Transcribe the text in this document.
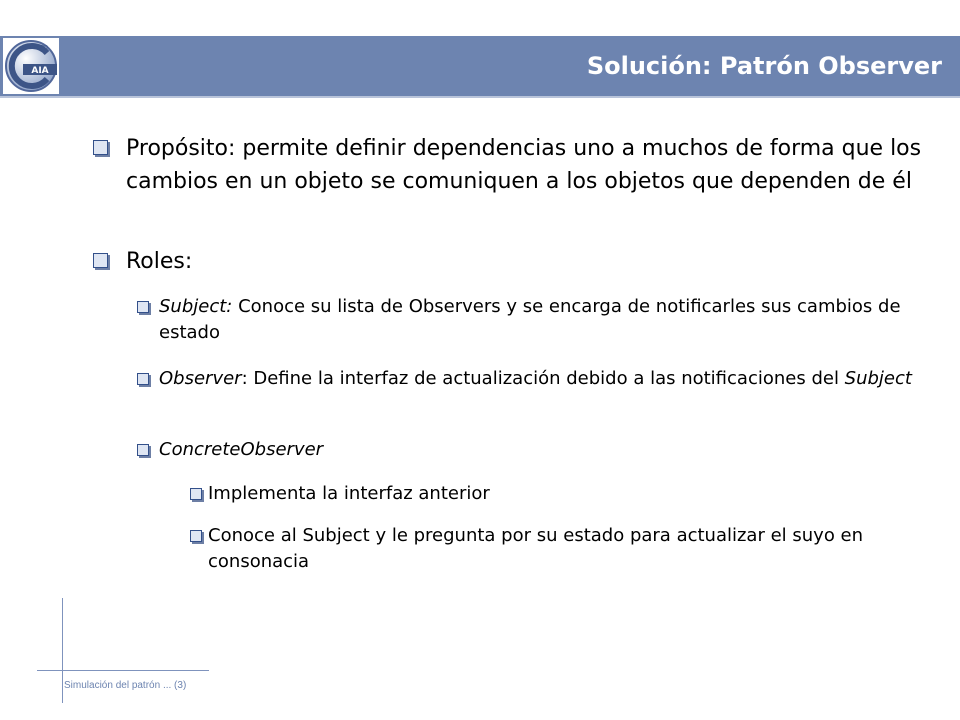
AIA
GRUPO
Solución: Patrón Observer
Propósito: permite definir dependencias uno a muchos de forma que los cambios en un objeto se comuniquen a los objetos que dependen de él
Roles:
Subject: Conoce su lista de Observers y se encarga de notificarles sus cambios de estado
Observer: Define la interfaz de actualización debido a las notificaciones del Subject
ConcreteObserver
Implementa la interfaz anterior
Conoce al Subject y le pregunta por su estado para actualizar el suyo en consonacia
Simulación del patrón ... (3)
